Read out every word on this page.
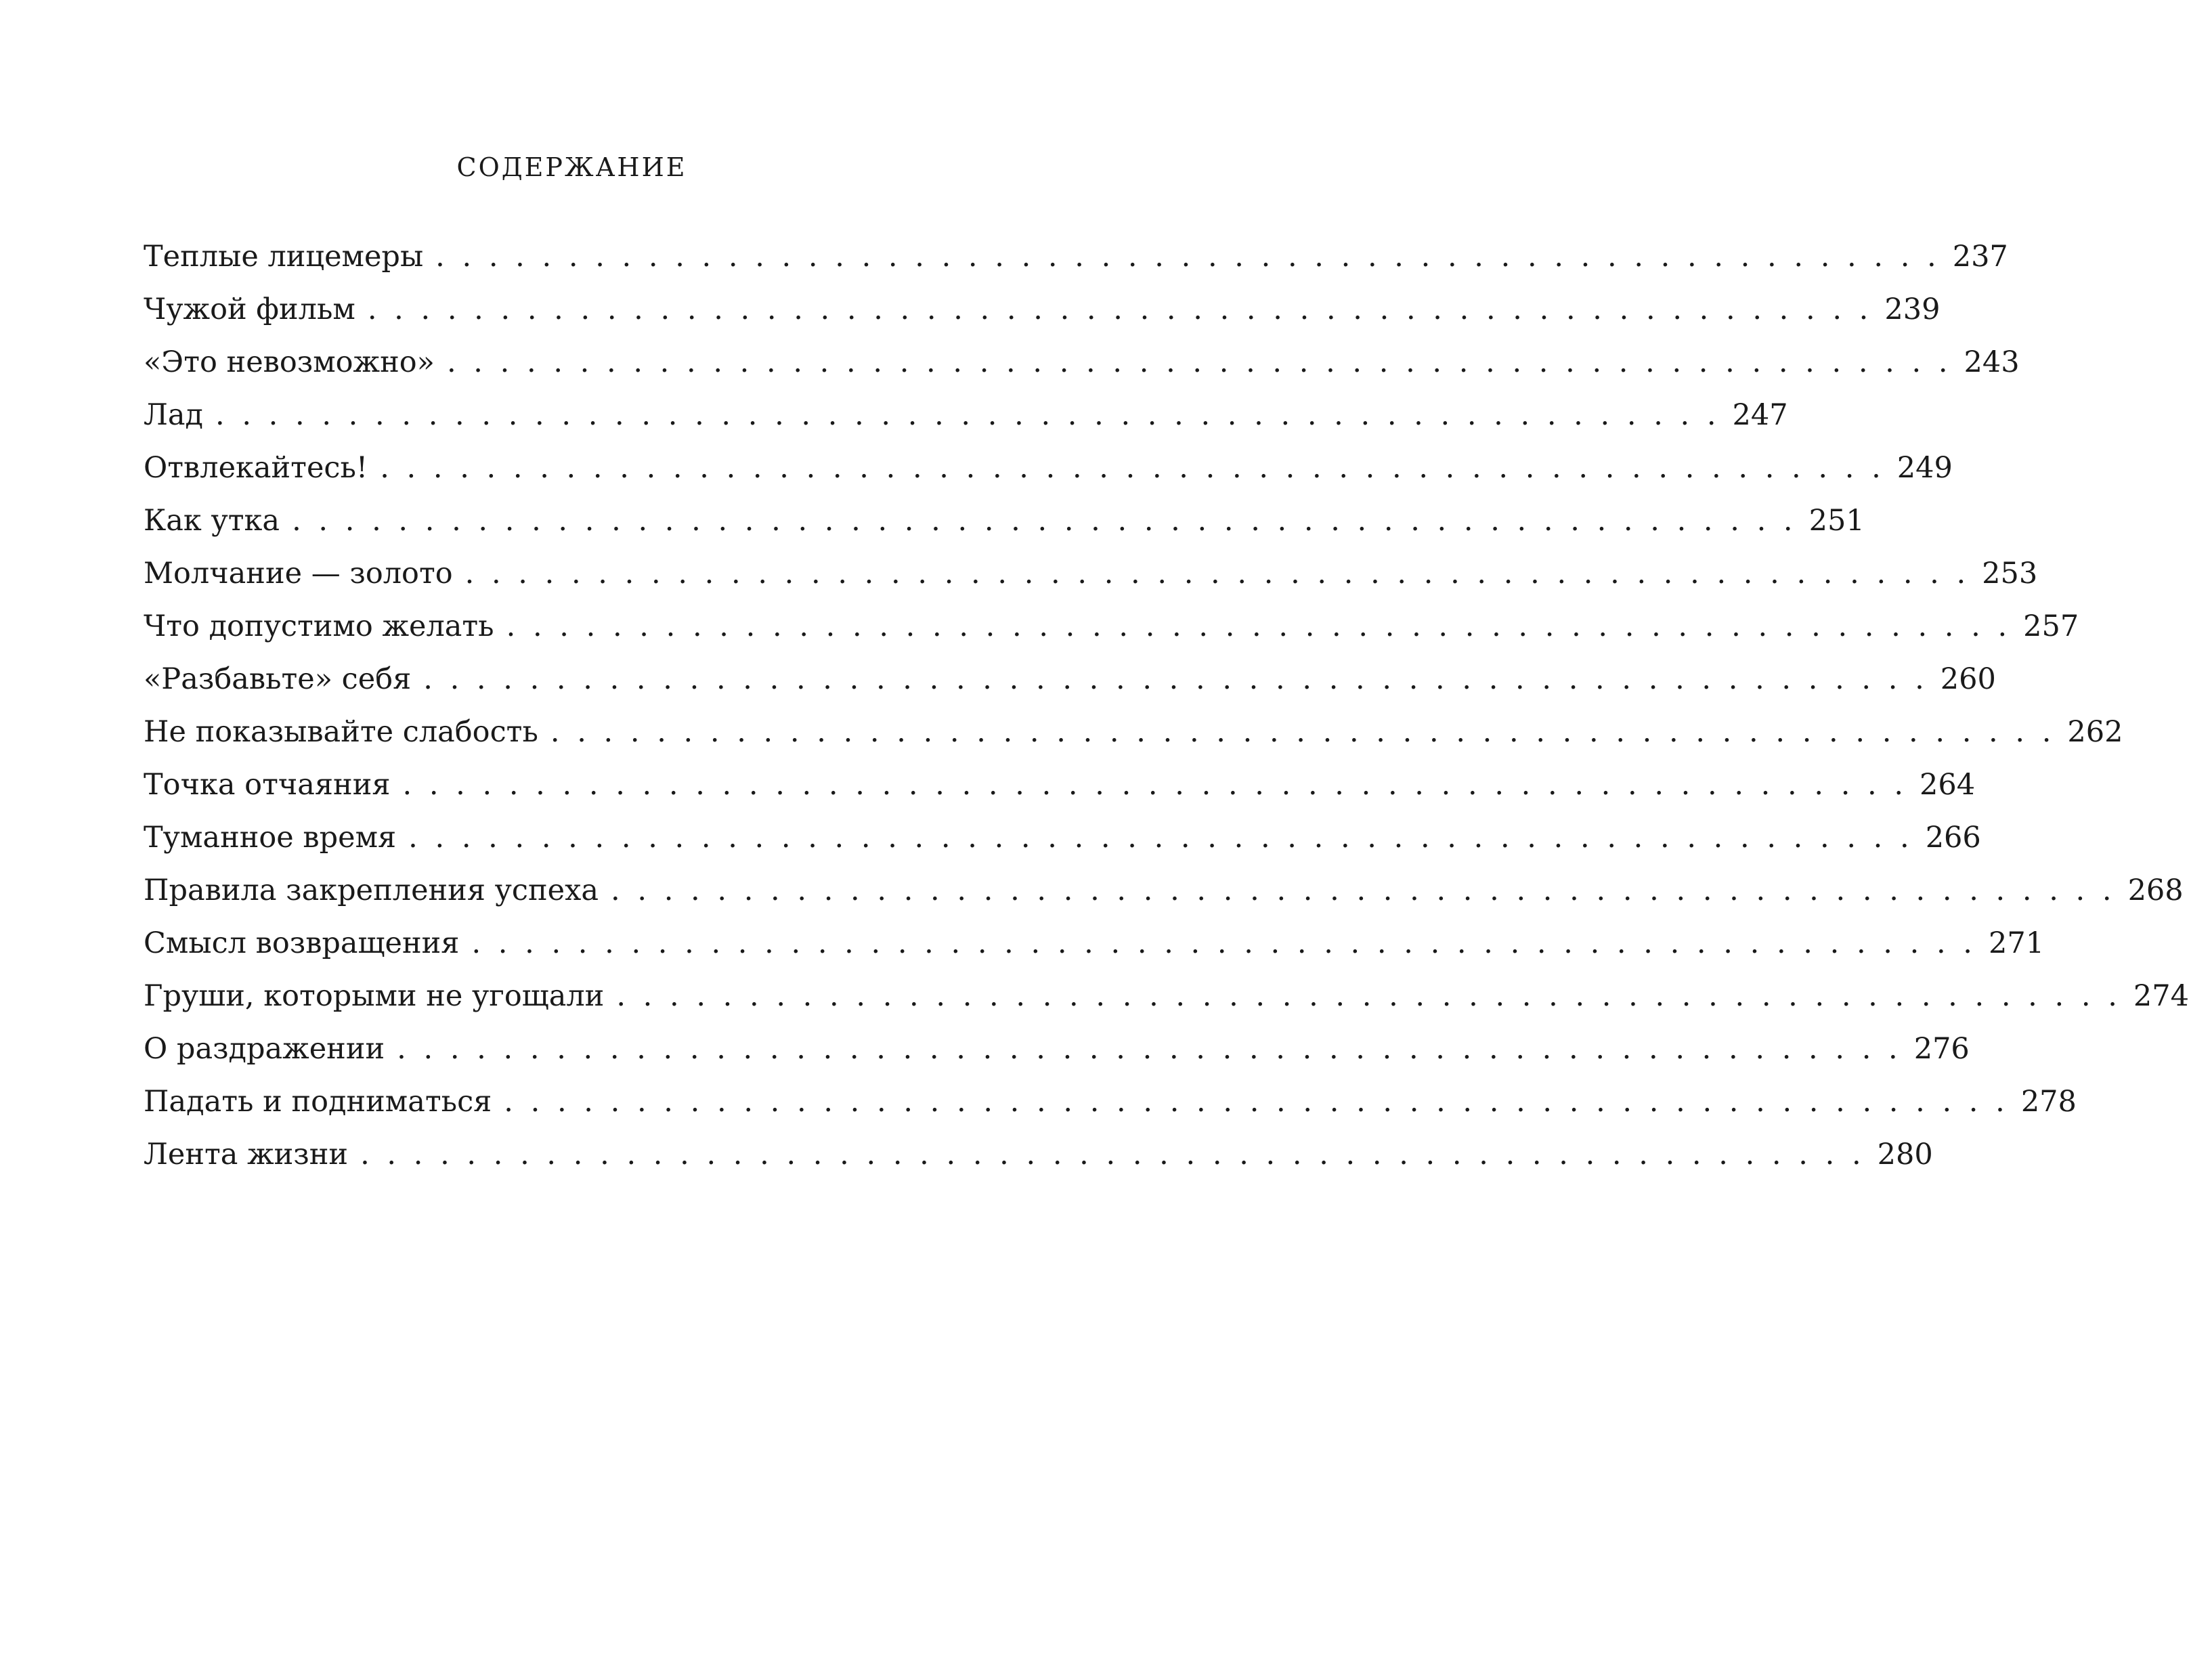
СОДЕРЖАНИЕ
Теплые лицемеры . . . . . . . . . . . . . . . . . . . . . . . . . . . . . . . . . . . . . . . . . . . . . . . . . . . . . . . . . 237
Чужой фильм . . . . . . . . . . . . . . . . . . . . . . . . . . . . . . . . . . . . . . . . . . . . . . . . . . . . . . . . . 239
«Это невозможно» . . . . . . . . . . . . . . . . . . . . . . . . . . . . . . . . . . . . . . . . . . . . . . . . . . . . . . . . . 243
Лад . . . . . . . . . . . . . . . . . . . . . . . . . . . . . . . . . . . . . . . . . . . . . . . . . . . . . . . . . 247
Отвлекайтесь! . . . . . . . . . . . . . . . . . . . . . . . . . . . . . . . . . . . . . . . . . . . . . . . . . . . . . . . . . 249
Как утка . . . . . . . . . . . . . . . . . . . . . . . . . . . . . . . . . . . . . . . . . . . . . . . . . . . . . . . . . 251
Молчание — золото . . . . . . . . . . . . . . . . . . . . . . . . . . . . . . . . . . . . . . . . . . . . . . . . . . . . . . . . . 253
Что допустимо желать . . . . . . . . . . . . . . . . . . . . . . . . . . . . . . . . . . . . . . . . . . . . . . . . . . . . . . . . . 257
«Разбавьте» себя . . . . . . . . . . . . . . . . . . . . . . . . . . . . . . . . . . . . . . . . . . . . . . . . . . . . . . . . . 260
Не показывайте слабость . . . . . . . . . . . . . . . . . . . . . . . . . . . . . . . . . . . . . . . . . . . . . . . . . . . . . . . . . 262
Точка отчаяния . . . . . . . . . . . . . . . . . . . . . . . . . . . . . . . . . . . . . . . . . . . . . . . . . . . . . . . . . 264
Туманное время . . . . . . . . . . . . . . . . . . . . . . . . . . . . . . . . . . . . . . . . . . . . . . . . . . . . . . . . . 266
Правила закрепления успеха . . . . . . . . . . . . . . . . . . . . . . . . . . . . . . . . . . . . . . . . . . . . . . . . . . . . . . . . . 268
Смысл возвращения . . . . . . . . . . . . . . . . . . . . . . . . . . . . . . . . . . . . . . . . . . . . . . . . . . . . . . . . . 271
Груши, которыми не угощали . . . . . . . . . . . . . . . . . . . . . . . . . . . . . . . . . . . . . . . . . . . . . . . . . . . . . . . . . 274
О раздражении . . . . . . . . . . . . . . . . . . . . . . . . . . . . . . . . . . . . . . . . . . . . . . . . . . . . . . . . . 276
Падать и подниматься . . . . . . . . . . . . . . . . . . . . . . . . . . . . . . . . . . . . . . . . . . . . . . . . . . . . . . . . . 278
Лента жизни . . . . . . . . . . . . . . . . . . . . . . . . . . . . . . . . . . . . . . . . . . . . . . . . . . . . . . . . . 280
